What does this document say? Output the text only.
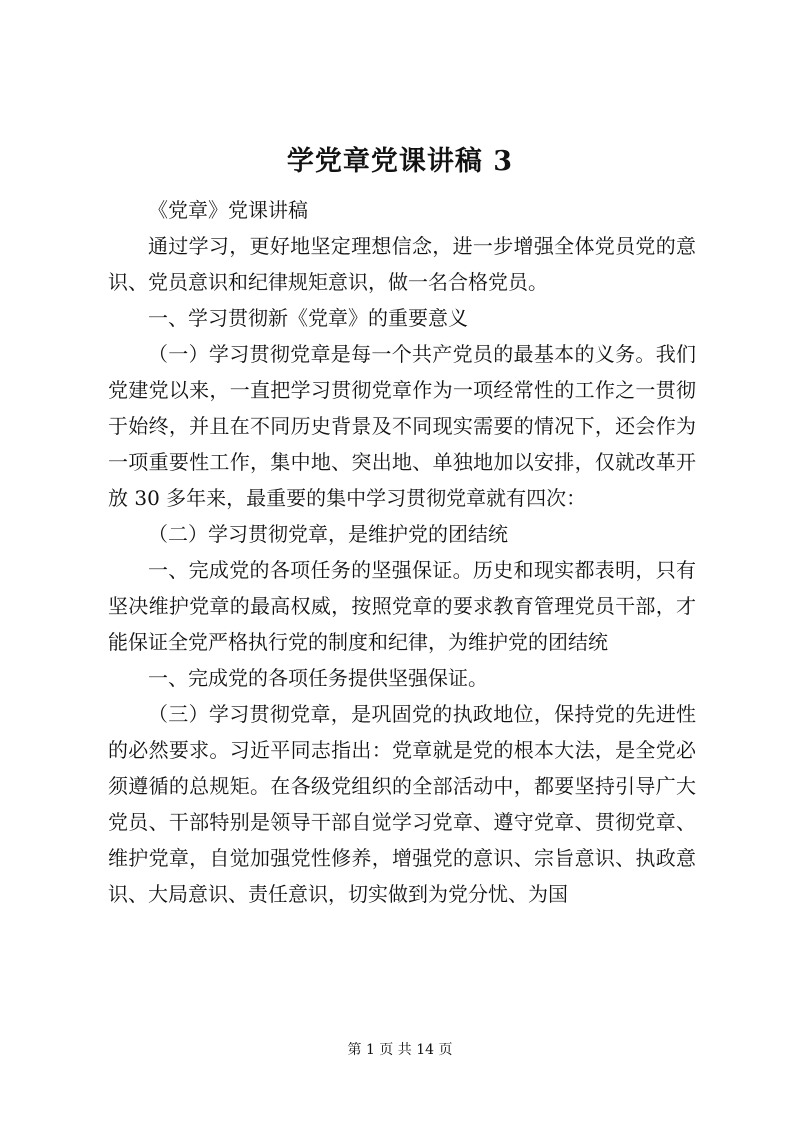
学党章党课讲稿 3

《党章》党课讲稿

通过学习，更好地坚定理想信念，进一步增强全体党员党的意识、党员意识和纪律规矩意识，做一名合格党员。

一、学习贯彻新《党章》的重要意义

（一）学习贯彻党章是每一个共产党员的最基本的义务。我们党建党以来，一直把学习贯彻党章作为一项经常性的工作之一贯彻于始终，并且在不同历史背景及不同现实需要的情况下，还会作为一项重要性工作，集中地、突出地、单独地加以安排，仅就改革开放 30 多年来，最重要的集中学习贯彻党章就有四次：

（二）学习贯彻党章，是维护党的团结统

一、完成党的各项任务的坚强保证。历史和现实都表明，只有坚决维护党章的最高权威，按照党章的要求教育管理党员干部，才能保证全党严格执行党的制度和纪律，为维护党的团结统

一、完成党的各项任务提供坚强保证。

（三）学习贯彻党章，是巩固党的执政地位，保持党的先进性的必然要求。习近平同志指出：党章就是党的根本大法，是全党必须遵循的总规矩。在各级党组织的全部活动中，都要坚持引导广大党员、干部特别是领导干部自觉学习党章、遵守党章、贯彻党章、维护党章，自觉加强党性修养，增强党的意识、宗旨意识、执政意识、大局意识、责任意识，切实做到为党分忧、为国

第 1 页 共 14 页
